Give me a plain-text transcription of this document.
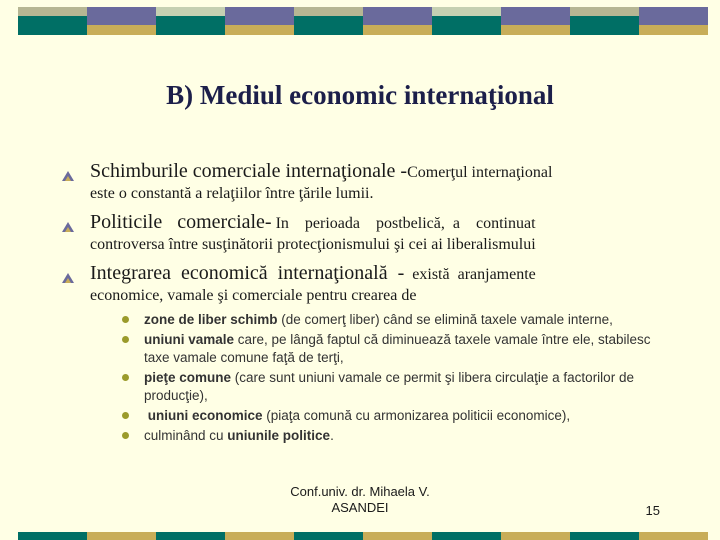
B) Mediul economic internaţional
Schimburile comerciale internaţionale -Comerţul internaţional
este o constantă a relaţiilor între ţările lumii.
Politicile   comerciale- In    perioada    postbelică,  a    continuat
controversa între susţinătorii protecţionismului şi cei ai liberalismului
Integrarea  economică  internaţională  -  există  aranjamente
economice, vamale şi comerciale pentru crearea de
zone de liber schimb (de comerţ liber) când se elimină taxele vamale interne,
uniuni vamale care, pe lângă faptul că diminuează taxele vamale între ele, stabilesc taxe vamale comune faţă de terţi,
pieţe comune (care sunt uniuni vamale ce permit şi libera circulaţie a factorilor de producţie),
uniuni economice (piaţa comună cu armonizarea politicii economice),
culminând cu uniunile politice.
Conf.univ. dr. Mihaela V.
ASANDEI	15
